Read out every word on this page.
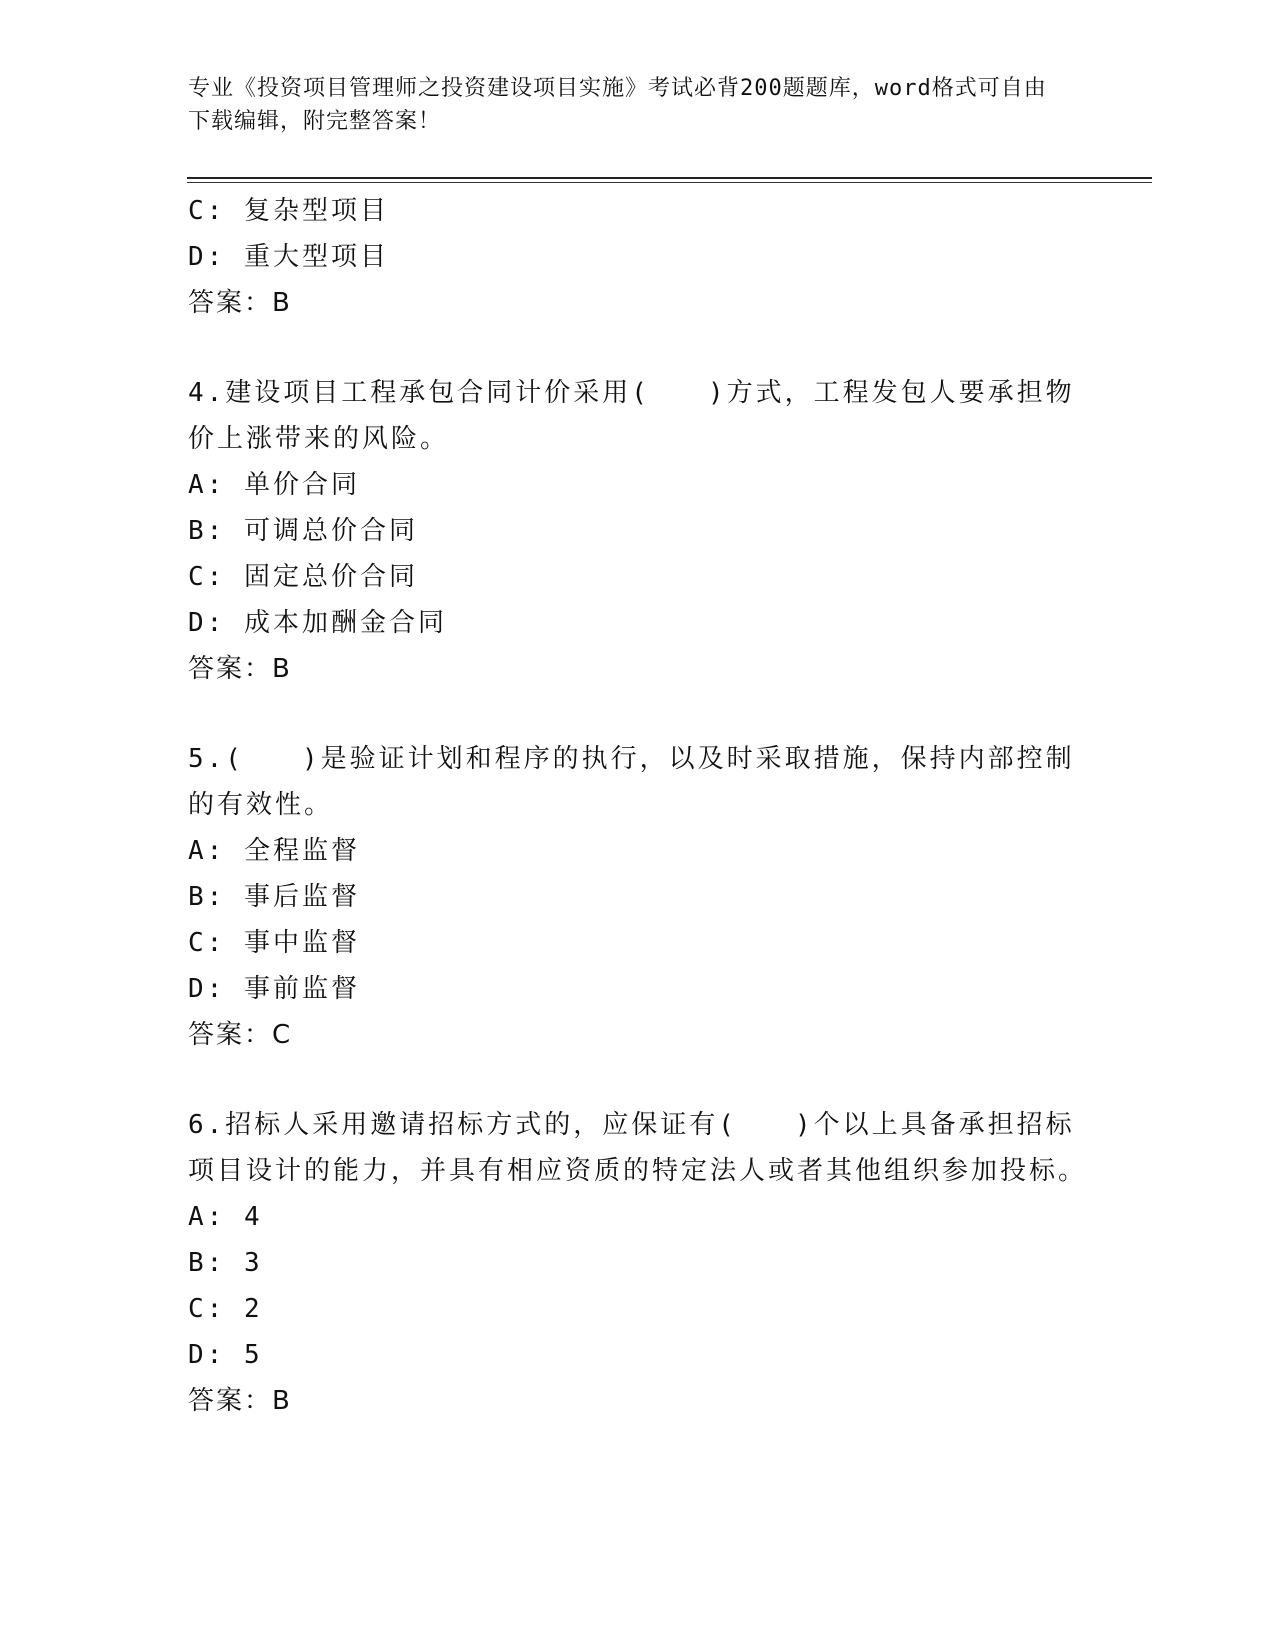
专业《投资项目管理师之投资建设项目实施》考试必背200题题库，word格式可自由下载编辑，附完整答案！
C: 复杂型项目
D: 重大型项目
答案：B
4.建设项目工程承包合同计价采用(　　)方式，工程发包人要承担物价上涨带来的风险。
A: 单价合同
B: 可调总价合同
C: 固定总价合同
D: 成本加酬金合同
答案：B
5.(　　)是验证计划和程序的执行，以及时采取措施，保持内部控制的有效性。
A: 全程监督
B: 事后监督
C: 事中监督
D: 事前监督
答案：C
6.招标人采用邀请招标方式的，应保证有(　　)个以上具备承担招标项目设计的能力，并具有相应资质的特定法人或者其他组织参加投标。
A: 4
B: 3
C: 2
D: 5
答案：B
